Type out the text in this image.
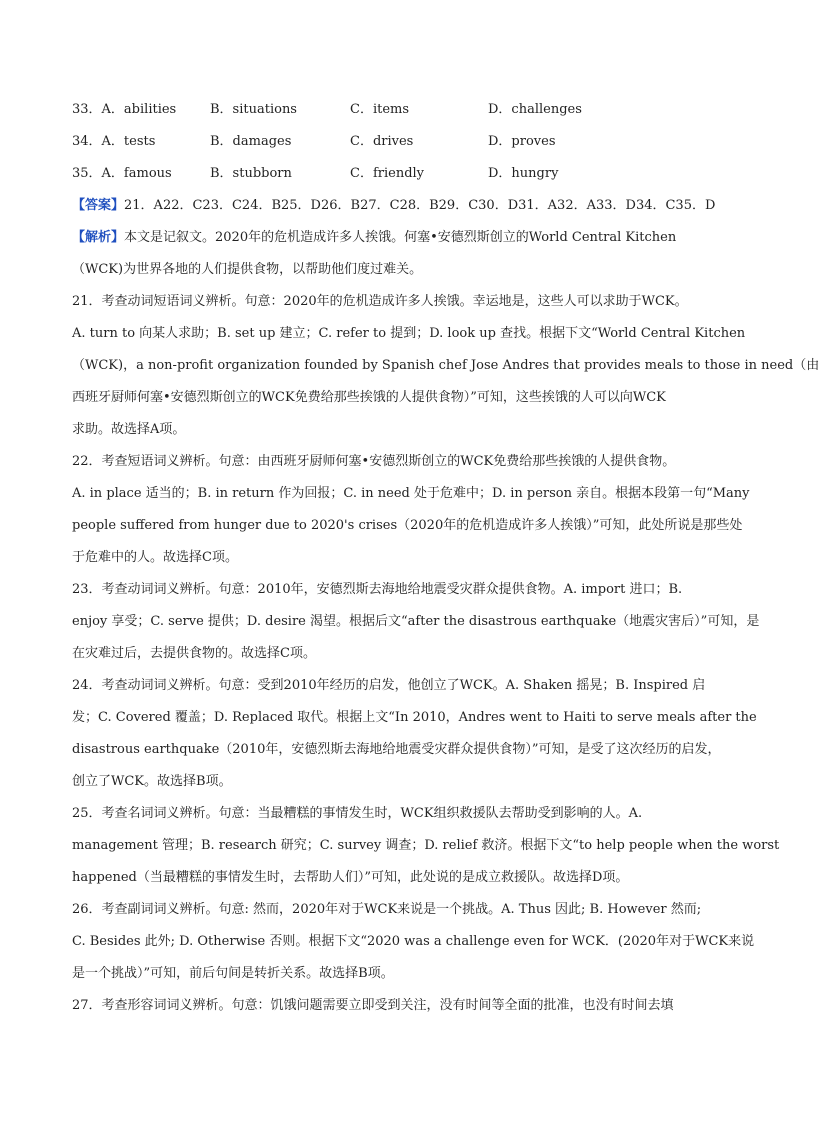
33．A．abilities	B．situations	C．items	D．challenges
34．A．tests	B．damages	C．drives	D．proves
35．A．famous	B．stubborn	C．friendly	D．hungry
【答案】21．A22．C23．C24．B25．D26．B27．C28．B29．C30．D31．A32．A33．D34．C35．D
【解析】本文是记叙文。2020年的危机造成许多人挨饿。何塞•安德烈斯创立的World Central Kitchen
（WCK)为世界各地的人们提供食物，以帮助他们度过难关。
21．考查动词短语词义辨析。句意：2020年的危机造成许多人挨饿。幸运地是，这些人可以求助于WCK。
A. turn to 向某人求助；B. set up 建立；C. refer to 提到；D. look up 查找。根据下文“World Central Kitchen
（WCK)，a non-profit organization founded by Spanish chef Jose Andres that provides meals to those in need（由
西班牙厨师何塞•安德烈斯创立的WCK免费给那些挨饿的人提供食物）”可知，这些挨饿的人可以向WCK
求助。故选择A项。
22．考查短语词义辨析。句意：由西班牙厨师何塞•安德烈斯创立的WCK免费给那些挨饿的人提供食物。
A. in place 适当的；B. in return 作为回报；C. in need 处于危难中；D. in person 亲自。根据本段第一句“Many
people suffered from hunger due to 2020's crises（2020年的危机造成许多人挨饿）”可知，此处所说是那些处
于危难中的人。故选择C项。
23．考查动词词义辨析。句意：2010年，安德烈斯去海地给地震受灾群众提供食物。A. import 进口；B.
enjoy 享受；C. serve 提供；D. desire 渴望。根据后文“after the disastrous earthquake（地震灾害后）”可知，是
在灾难过后，去提供食物的。故选择C项。
24．考查动词词义辨析。句意：受到2010年经历的启发，他创立了WCK。A. Shaken 摇晃；B. Inspired 启
发；C. Covered 覆盖；D. Replaced 取代。根据上文“In 2010，Andres went to Haiti to serve meals after the
disastrous earthquake（2010年，安德烈斯去海地给地震受灾群众提供食物）”可知，是受了这次经历的启发，
创立了WCK。故选择B项。
25．考查名词词义辨析。句意：当最糟糕的事情发生时，WCK组织救援队去帮助受到影响的人。A.
management 管理；B. research 研究；C. survey 调查；D. relief 救济。根据下文“to help people when the worst
happened（当最糟糕的事情发生时，去帮助人们）”可知，此处说的是成立救援队。故选择D项。
26．考查副词词义辨析。句意: 然而，2020年对于WCK来说是一个挑战。A. Thus 因此; B. However 然而;
C. Besides 此外; D. Otherwise 否则。根据下文“2020 was a challenge even for WCK．(2020年对于WCK来说
是一个挑战）”可知，前后句间是转折关系。故选择B项。
27．考查形容词词义辨析。句意：饥饿问题需要立即受到关注，没有时间等全面的批准，也没有时间去填
